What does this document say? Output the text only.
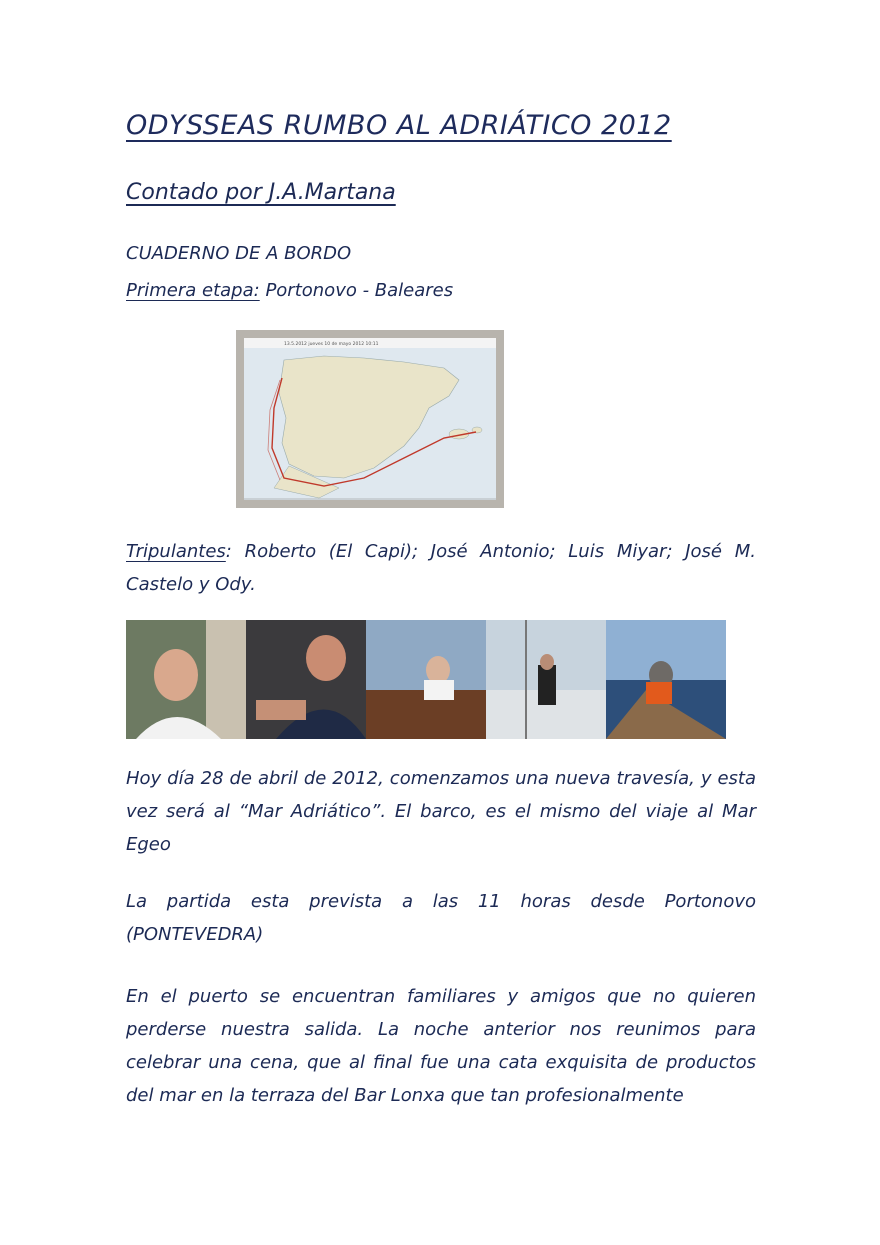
ODYSSEAS RUMBO AL ADRIÁTICO 2012
Contado por J.A.Martana
CUADERNO DE A BORDO
Primera etapa: Portonovo - Baleares
13.5.2012 jueves 10 de mayo 2012 10:11
Tripulantes: Roberto (El Capi); José Antonio; Luis Miyar; José M. Castelo y Ody.
Hoy día 28 de abril de 2012, comenzamos una nueva travesía, y esta vez será al “Mar Adriático”. El barco, es el mismo del viaje al Mar Egeo
La partida esta prevista a las 11 horas desde Portonovo (PONTEVEDRA)
En el puerto se encuentran familiares y amigos que no quieren perderse nuestra salida. La noche anterior nos reunimos para celebrar una cena, que al final fue una cata exquisita de productos del mar en la terraza del Bar Lonxa que tan profesionalmente
